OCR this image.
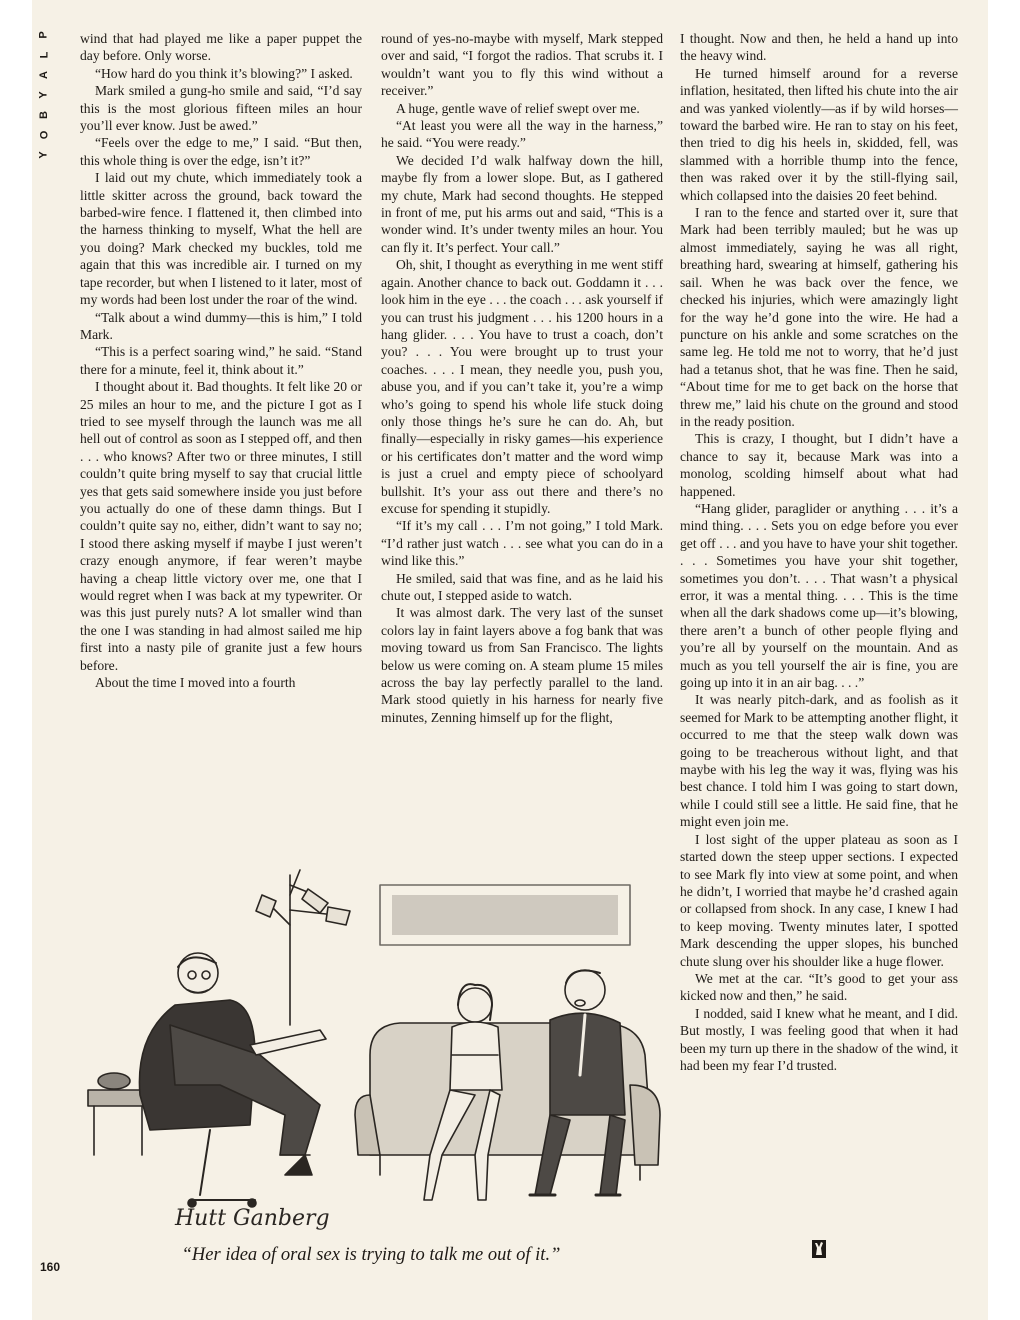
P
L
A
Y
B
O
Y

wind that had played me like a paper puppet the day before. Only worse.

“How hard do you think it’s blowing?” I asked.

Mark smiled a gung-ho smile and said, “I’d say this is the most glorious fifteen miles an hour you’ll ever know. Just be awed.”

“Feels over the edge to me,” I said. “But then, this whole thing is over the edge, isn’t it?”

I laid out my chute, which immediately took a little skitter across the ground, back toward the barbed-wire fence. I flattened it, then climbed into the harness thinking to myself, What the hell are you doing? Mark checked my buckles, told me again that this was incredible air. I turned on my tape recorder, but when I listened to it later, most of my words had been lost under the roar of the wind.

“Talk about a wind dummy—this is him,” I told Mark.

“This is a perfect soaring wind,” he said. “Stand there for a minute, feel it, think about it.”

I thought about it. Bad thoughts. It felt like 20 or 25 miles an hour to me, and the picture I got as I tried to see myself through the launch was me all hell out of control as soon as I stepped off, and then . . . who knows? After two or three minutes, I still couldn’t quite bring myself to say that crucial little yes that gets said somewhere inside you just before you actually do one of these damn things. But I couldn’t quite say no, either, didn’t want to say no; I stood there asking myself if maybe I just weren’t crazy enough anymore, if fear weren’t maybe having a cheap little victory over me, one that I would regret when I was back at my typewriter. Or was this just purely nuts? A lot smaller wind than the one I was standing in had almost sailed me hip first into a nasty pile of granite just a few hours before.

About the time I moved into a fourth

round of yes-no-maybe with myself, Mark stepped over and said, “I forgot the radios. That scrubs it. I wouldn’t want you to fly this wind without a receiver.”

A huge, gentle wave of relief swept over me.

“At least you were all the way in the harness,” he said. “You were ready.”

We decided I’d walk halfway down the hill, maybe fly from a lower slope. But, as I gathered my chute, Mark had second thoughts. He stepped in front of me, put his arms out and said, “This is a wonder wind. It’s under twenty miles an hour. You can fly it. It’s perfect. Your call.”

Oh, shit, I thought as everything in me went stiff again. Another chance to back out. Goddamn it . . . look him in the eye . . . the coach . . . ask yourself if you can trust his judgment . . . his 1200 hours in a hang glider. . . . You have to trust a coach, don’t you? . . . You were brought up to trust your coaches. . . . I mean, they needle you, push you, abuse you, and if you can’t take it, you’re a wimp who’s going to spend his whole life stuck doing only those things he’s sure he can do. Ah, but finally—especially in risky games—his experience or his certificates don’t matter and the word wimp is just a cruel and empty piece of schoolyard bullshit. It’s your ass out there and there’s no excuse for spending it stupidly.

“If it’s my call . . . I’m not going,” I told Mark. “I’d rather just watch . . . see what you can do in a wind like this.”

He smiled, said that was fine, and as he laid his chute out, I stepped aside to watch.

It was almost dark. The very last of the sunset colors lay in faint layers above a fog bank that was moving toward us from San Francisco. The lights below us were coming on. A steam plume 15 miles across the bay lay perfectly parallel to the land. Mark stood quietly in his harness for nearly five minutes, Zenning himself up for the flight,

I thought. Now and then, he held a hand up into the heavy wind.

He turned himself around for a reverse inflation, hesitated, then lifted his chute into the air and was yanked violently—as if by wild horses—toward the barbed wire. He ran to stay on his feet, then tried to dig his heels in, skidded, fell, was slammed with a horrible thump into the fence, then was raked over it by the still-flying sail, which collapsed into the daisies 20 feet behind.

I ran to the fence and started over it, sure that Mark had been terribly mauled; but he was up almost immediately, saying he was all right, breathing hard, swearing at himself, gathering his sail. When he was back over the fence, we checked his injuries, which were amazingly light for the way he’d gone into the wire. He had a puncture on his ankle and some scratches on the same leg. He told me not to worry, that he’d just had a tetanus shot, that he was fine. Then he said, “About time for me to get back on the horse that threw me,” laid his chute on the ground and stood in the ready position.

This is crazy, I thought, but I didn’t have a chance to say it, because Mark was into a monolog, scolding himself about what had happened.

“Hang glider, paraglider or anything . . . it’s a mind thing. . . . Sets you on edge before you ever get off . . . and you have to have your shit together. . . . Sometimes you have your shit together, sometimes you don’t. . . . That wasn’t a physical error, it was a mental thing. . . . This is the time when all the dark shadows come up—it’s blowing, there aren’t a bunch of other people flying and you’re all by yourself on the mountain. And as much as you tell yourself the air is fine, you are going up into it in an air bag. . . .”

It was nearly pitch-dark, and as foolish as it seemed for Mark to be attempting another flight, it occurred to me that the steep walk down was going to be treacherous without light, and that maybe with his leg the way it was, flying was his best chance. I told him I was going to start down, while I could still see a little. He said fine, that he might even join me.

I lost sight of the upper plateau as soon as I started down the steep upper sections. I expected to see Mark fly into view at some point, and when he didn’t, I worried that maybe he’d crashed again or collapsed from shock. In any case, I knew I had to keep moving. Twenty minutes later, I spotted Mark descending the upper slopes, his bunched chute slung over his shoulder like a huge flower.

We met at the car. “It’s good to get your ass kicked now and then,” he said.

I nodded, said I knew what he meant, and I did. But mostly, I was feeling good that when it had been my turn up there in the shadow of the wind, it had been my fear I’d trusted.

Hutt Ganberg
“Her idea of oral sex is trying to talk me out of it.”
160
